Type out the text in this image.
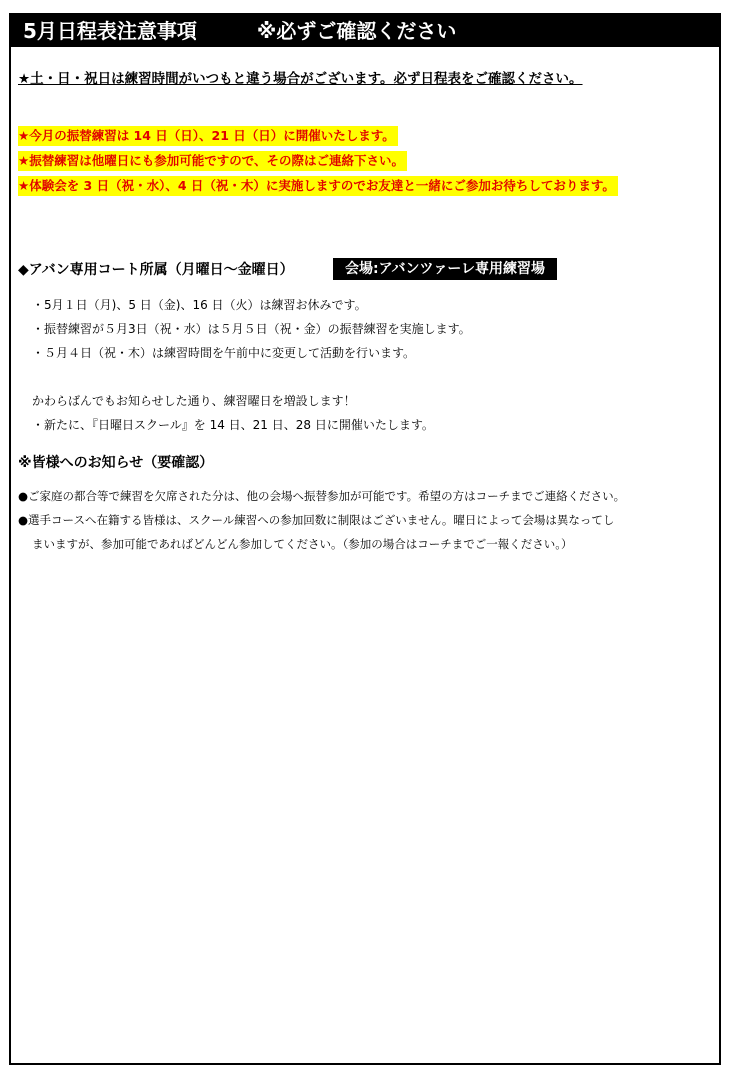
5月日程表注意事項　　　※必ずご確認ください
★土・日・祝日は練習時間がいつもと違う場合がございます。必ず日程表をご確認ください。
★今月の振替練習は 14 日（日）、21 日（日）に開催いたします。
★振替練習は他曜日にも参加可能ですので、その際はご連絡下さい。
★体験会を 3 日（祝・水）、4 日（祝・木）に実施しますのでお友達と一緒にご参加お待ちしております。
◆アバン専用コート所属（月曜日～金曜日）	会場:アバンツァーレ専用練習場
・5月１日（月)、5 日（金)、16 日（火）は練習お休みです。
・振替練習が５月3日（祝・水）は５月５日（祝・金）の振替練習を実施します。
・５月４日（祝・木）は練習時間を午前中に変更して活動を行います。
かわらばんでもお知らせした通り、練習曜日を増設します！
・新たに、『日曜日スクール』を 14 日、21 日、28 日に開催いたします。
※皆様へのお知らせ（要確認）
●ご家庭の都合等で練習を欠席された分は、他の会場へ振替参加が可能です。希望の方はコーチまでご連絡ください。
●選手コースへ在籍する皆様は、スクール練習への参加回数に制限はございません。曜日によって会場は異なってし
まいますが、参加可能であればどんどん参加してください。（参加の場合はコーチまでご一報ください。）
